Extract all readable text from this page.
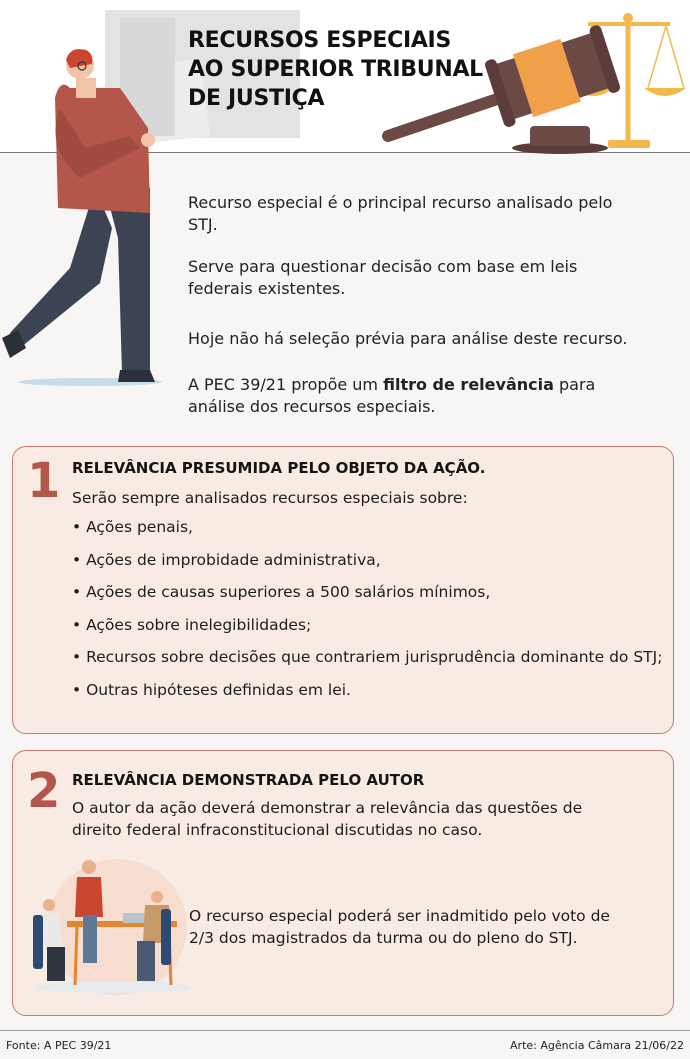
RECURSOS ESPECIAIS AO SUPERIOR TRIBUNAL DE JUSTIÇA

Recurso especial é o principal recurso analisado pelo STJ.

Serve para questionar decisão com base em leis federais existentes.

Hoje não há seleção prévia para análise deste recurso.

A PEC 39/21 propõe um filtro de relevância para análise dos recursos especiais.

1 RELEVÂNCIA PRESUMIDA PELO OBJETO DA AÇÃO.

Serão sempre analisados recursos especiais sobre:

• Ações penais,
• Ações de improbidade administrativa,
• Ações de causas superiores a 500 salários mínimos,
• Ações sobre inelegibilidades;
• Recursos sobre decisões que contrariem jurisprudência dominante do STJ;
• Outras hipóteses definidas em lei.
2 RELEVÂNCIA DEMONSTRADA PELO AUTOR

O autor da ação deverá demonstrar a relevância das questões de direito federal infraconstitucional discutidas no caso.

O recurso especial poderá ser inadmitido pelo voto de 2/3 dos magistrados da turma ou do pleno do STJ.

Fonte: A PEC 39/21	Arte: Agência Câmara 21/06/22
